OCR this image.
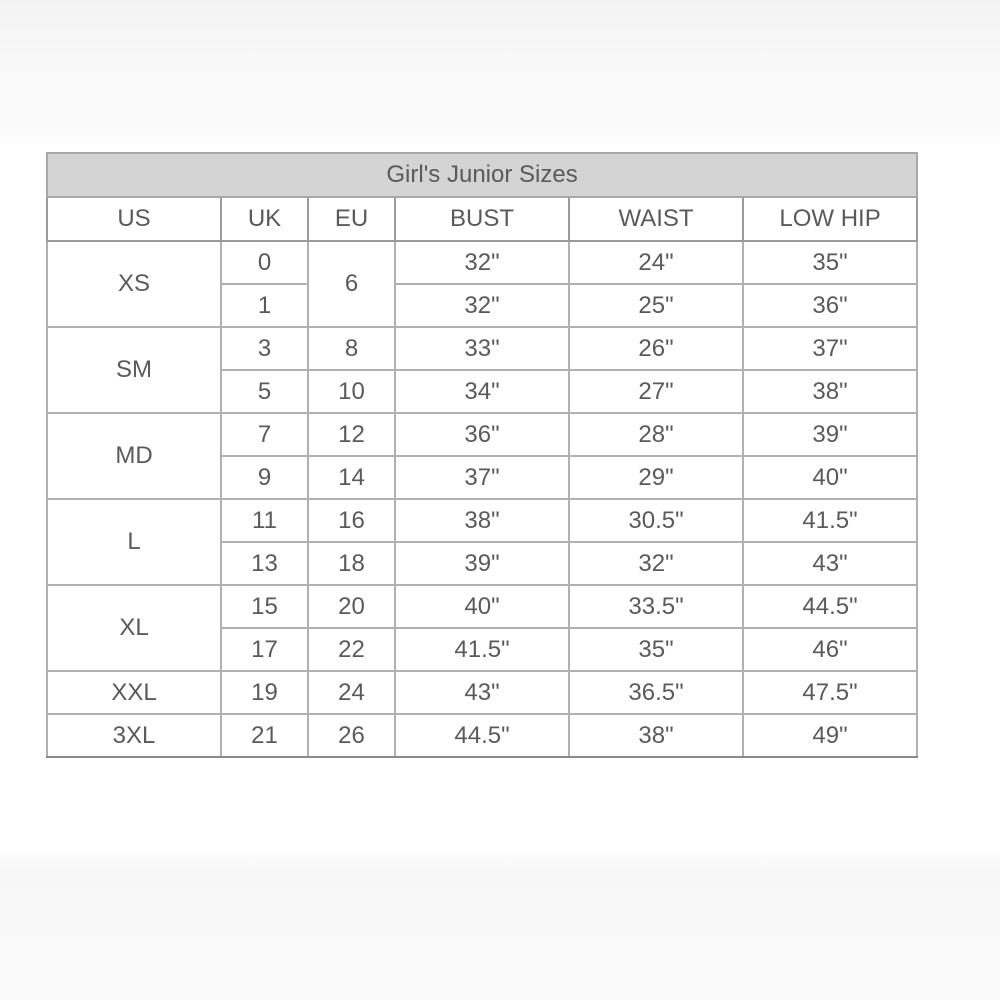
Girl's Junior Sizes					
US	UK	EU	BUST	WAIST	LOW HIP
XS	0	6	32"	24"	35"
	1		32"	25"	36"
SM	3	8	33"	26"	37"
	5	10	34"	27"	38"
MD	7	12	36"	28"	39"
	9	14	37"	29"	40"
L	11	16	38"	30.5"	41.5"
	13	18	39"	32"	43"
XL	15	20	40"	33.5"	44.5"
	17	22	41.5"	35"	46"
XXL	19	24	43"	36.5"	47.5"
3XL	21	26	44.5"	38"	49"
